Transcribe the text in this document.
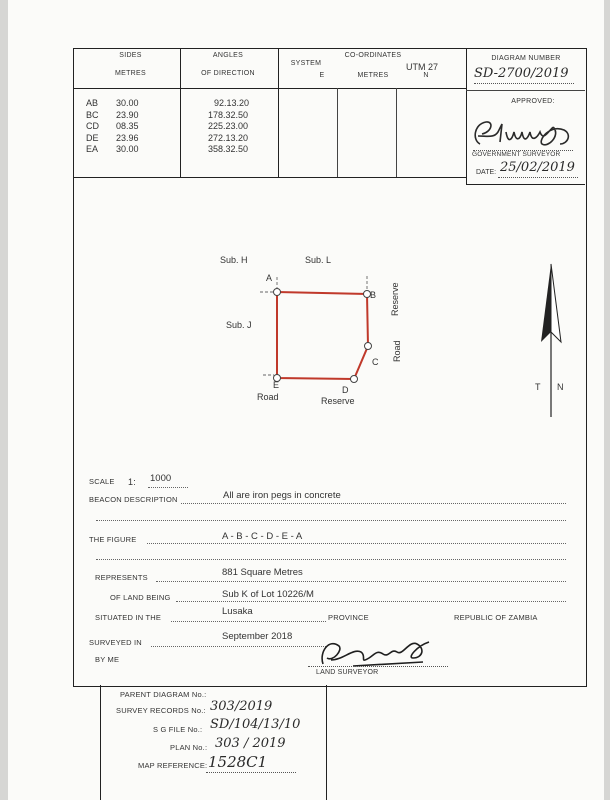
SIDES
METRES
ANGLES
OF DIRECTION
SYSTEM
CO-ORDINATES
UTM 27
E	METRES	N
DIAGRAM NUMBER
SD-2700/2019
APPROVED:
GOVERNMENT SURVEYOR
DATE: 25/02/2019
AB 30.00	92.13.20
BC 23.90	178.32.50
CD 08.35	225.23.00
DE 23.96	272.13.20
EA 30.00	358.32.50
Sub. H	Sub. L
Sub. J
A
B
C
D
E
Reserve
Road
Road	Reserve
T N
SCALE 1: 1000
BEACON DESCRIPTION	All are iron pegs in concrete
THE FIGURE	A - B - C - D - E - A
REPRESENTS	881 Square Metres
OF LAND BEING	Sub K of Lot 10226/M
SITUATED IN THE
Lusaka
PROVINCE	REPUBLIC OF ZAMBIA
SURVEYED IN
September 2018
BY ME
LAND SURVEYOR
PARENT DIAGRAM No.:
SURVEY RECORDS No.: 303/2019
S G FILE No.: SD/104/13/10
PLAN No.: 303 / 2019
MAP REFERENCE: 1528C1
